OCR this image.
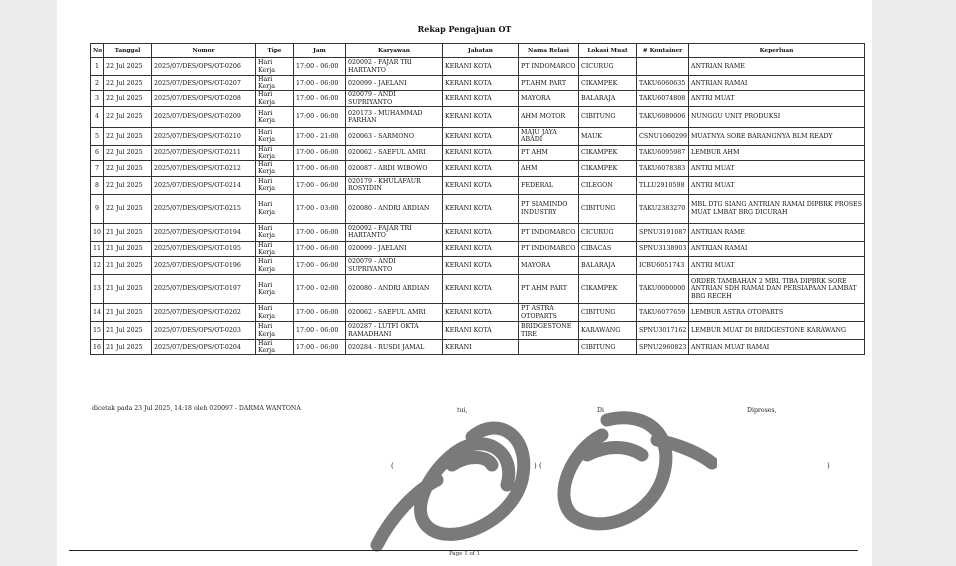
Rekap Pengajuan OT
No	Tanggal	Nomor	Tipe	Jam	Karyawan	Jabatan	Nama Relasi	Lokasi Muat	# Kontainer	Keperluan
1	22 Jul 2025	2025/07/DES/OPS/OT-0206	Hari Kerja	17:00 - 06:00	020092 - FAJAR TRI HARTANTO	KERANI KOTA	PT INDOMARCO	CICURUG		ANTRIAN RAME
2	22 Jul 2025	2025/07/DES/OPS/OT-0207	Hari Kerja	17:00 - 06:00	020099 - JAELANI	KERANI KOTA	PT.AHM PART	CIKAMPEK	TAKU6060635	ANTRIAN RAMAI
3	22 Jul 2025	2025/07/DES/OPS/OT-0208	Hari Kerja	17:00 - 06:00	020079 - ANDI SUPRIYANTO	KERANI KOTA	MAYORA	BALARAJA	TAKU6074808	ANTRI MUAT
4	22 Jul 2025	2025/07/DES/OPS/OT-0209	Hari Kerja	17:00 - 06:00	020173 - MUHAMMAD FARHAN	KERANI KOTA	AHM MOTOR	CIBITUNG	TAKU6089006	NUNGGU UNIT PRODUKSI
5	22 Jul 2025	2025/07/DES/OPS/OT-0210	Hari Kerja	17:00 - 21:00	020063 - SARMONO	KERANI KOTA	MAJU JAYA ABADI	MAUK	CSNU1060299	MUATNYA SORE BARANGNYA BLM READY
6	22 Jul 2025	2025/07/DES/OPS/OT-0211	Hari Kerja	17:00 - 06:00	020062 - SAEFUL AMRI	KERANI KOTA	PT AHM	CIKAMPEK	TAKU6095987	LEMBUR AHM
7	22 Jul 2025	2025/07/DES/OPS/OT-0212	Hari Kerja	17:00 - 06:00	020087 - ARDI WIBOWO	KERANI KOTA	AHM	CIKAMPEK	TAKU6078383	ANTRI MUAT
8	22 Jul 2025	2025/07/DES/OPS/OT-0214	Hari Kerja	17:00 - 06:00	020179 - KHULAFAUR ROSYIDIN	KERANI KOTA	FEDERAL	CILEGON	TLLU2910598	ANTRI MUAT
9	22 Jul 2025	2025/07/DES/OPS/OT-0215	Hari Kerja	17:00 - 03:00	020080 - ANDRI ARDIAN	KERANI KOTA	PT SIAMINDO INDUSTRY	CIBITUNG	TAKU2383270	MBL DTG SIANG ANTRIAN RAMAI DIPBRK PROSES MUAT LMBAT BRG DICURAH
10	21 Jul 2025	2025/07/DES/OPS/OT-0194	Hari Kerja	17:00 - 06:00	020092 - FAJAR TRI HARTANTO	KERANI KOTA	PT INDOMARCO	CICURUG	SPNU3191087	ANTRIAN RAME
11	21 Jul 2025	2025/07/DES/OPS/OT-0195	Hari Kerja	17:00 - 06:00	020099 - JAELANI	KERANI KOTA	PT INDOMARCO	CIBACAS	SPNU3138903	ANTRIAN RAMAI
12	21 Jul 2025	2025/07/DES/OPS/OT-0196	Hari Kerja	17:00 - 06:00	020079 - ANDI SUPRIYANTO	KERANI KOTA	MAYORA	BALARAJA	ICBU6051743	ANTRI MUAT
13	21 Jul 2025	2025/07/DES/OPS/OT-0197	Hari Kerja	17:00 - 02:00	020080 - ANDRI ARDIAN	KERANI KOTA	PT AHM PART	CIKAMPEK	TAKU0000000	ORDER TAMBAHAN 2 MBL TIBA DIPBRK SORE ANTRIAN SDH RAMAI DAN PERSIAPAAN LAMBAT BRG RECEH
14	21 Jul 2025	2025/07/DES/OPS/OT-0202	Hari Kerja	17:00 - 06:00	020062 - SAEFUL AMRI	KERANI KOTA	PT ASTRA OTOPARTS	CIBITUNG	TAKU6077659	LEMBUR ASTRA OTOPARTS
15	21 Jul 2025	2025/07/DES/OPS/OT-0203	Hari Kerja	17:00 - 06:00	020287 - LUTFI OKTA RAMADHANI	KERANI KOTA	BRIDGESTONE TIRE	KARAWANG	SPNU3017162	LEMBUR MUAT DI BRIDGESTONE KARAWANG
16	21 Jul 2025	2025/07/DES/OPS/OT-0204	Hari Kerja	17:00 - 06:00	020284 - RUSDI JAMAL	KERANI		CIBITUNG	SPNU2960823	ANTRIAN MUAT RAMAI
dicetak pada 23 Jul 2025, 14:18 oleh 020097 - DARMA WANTONA	tui,	Di	Diproses,
(	) (	)
Page 1 of 1
